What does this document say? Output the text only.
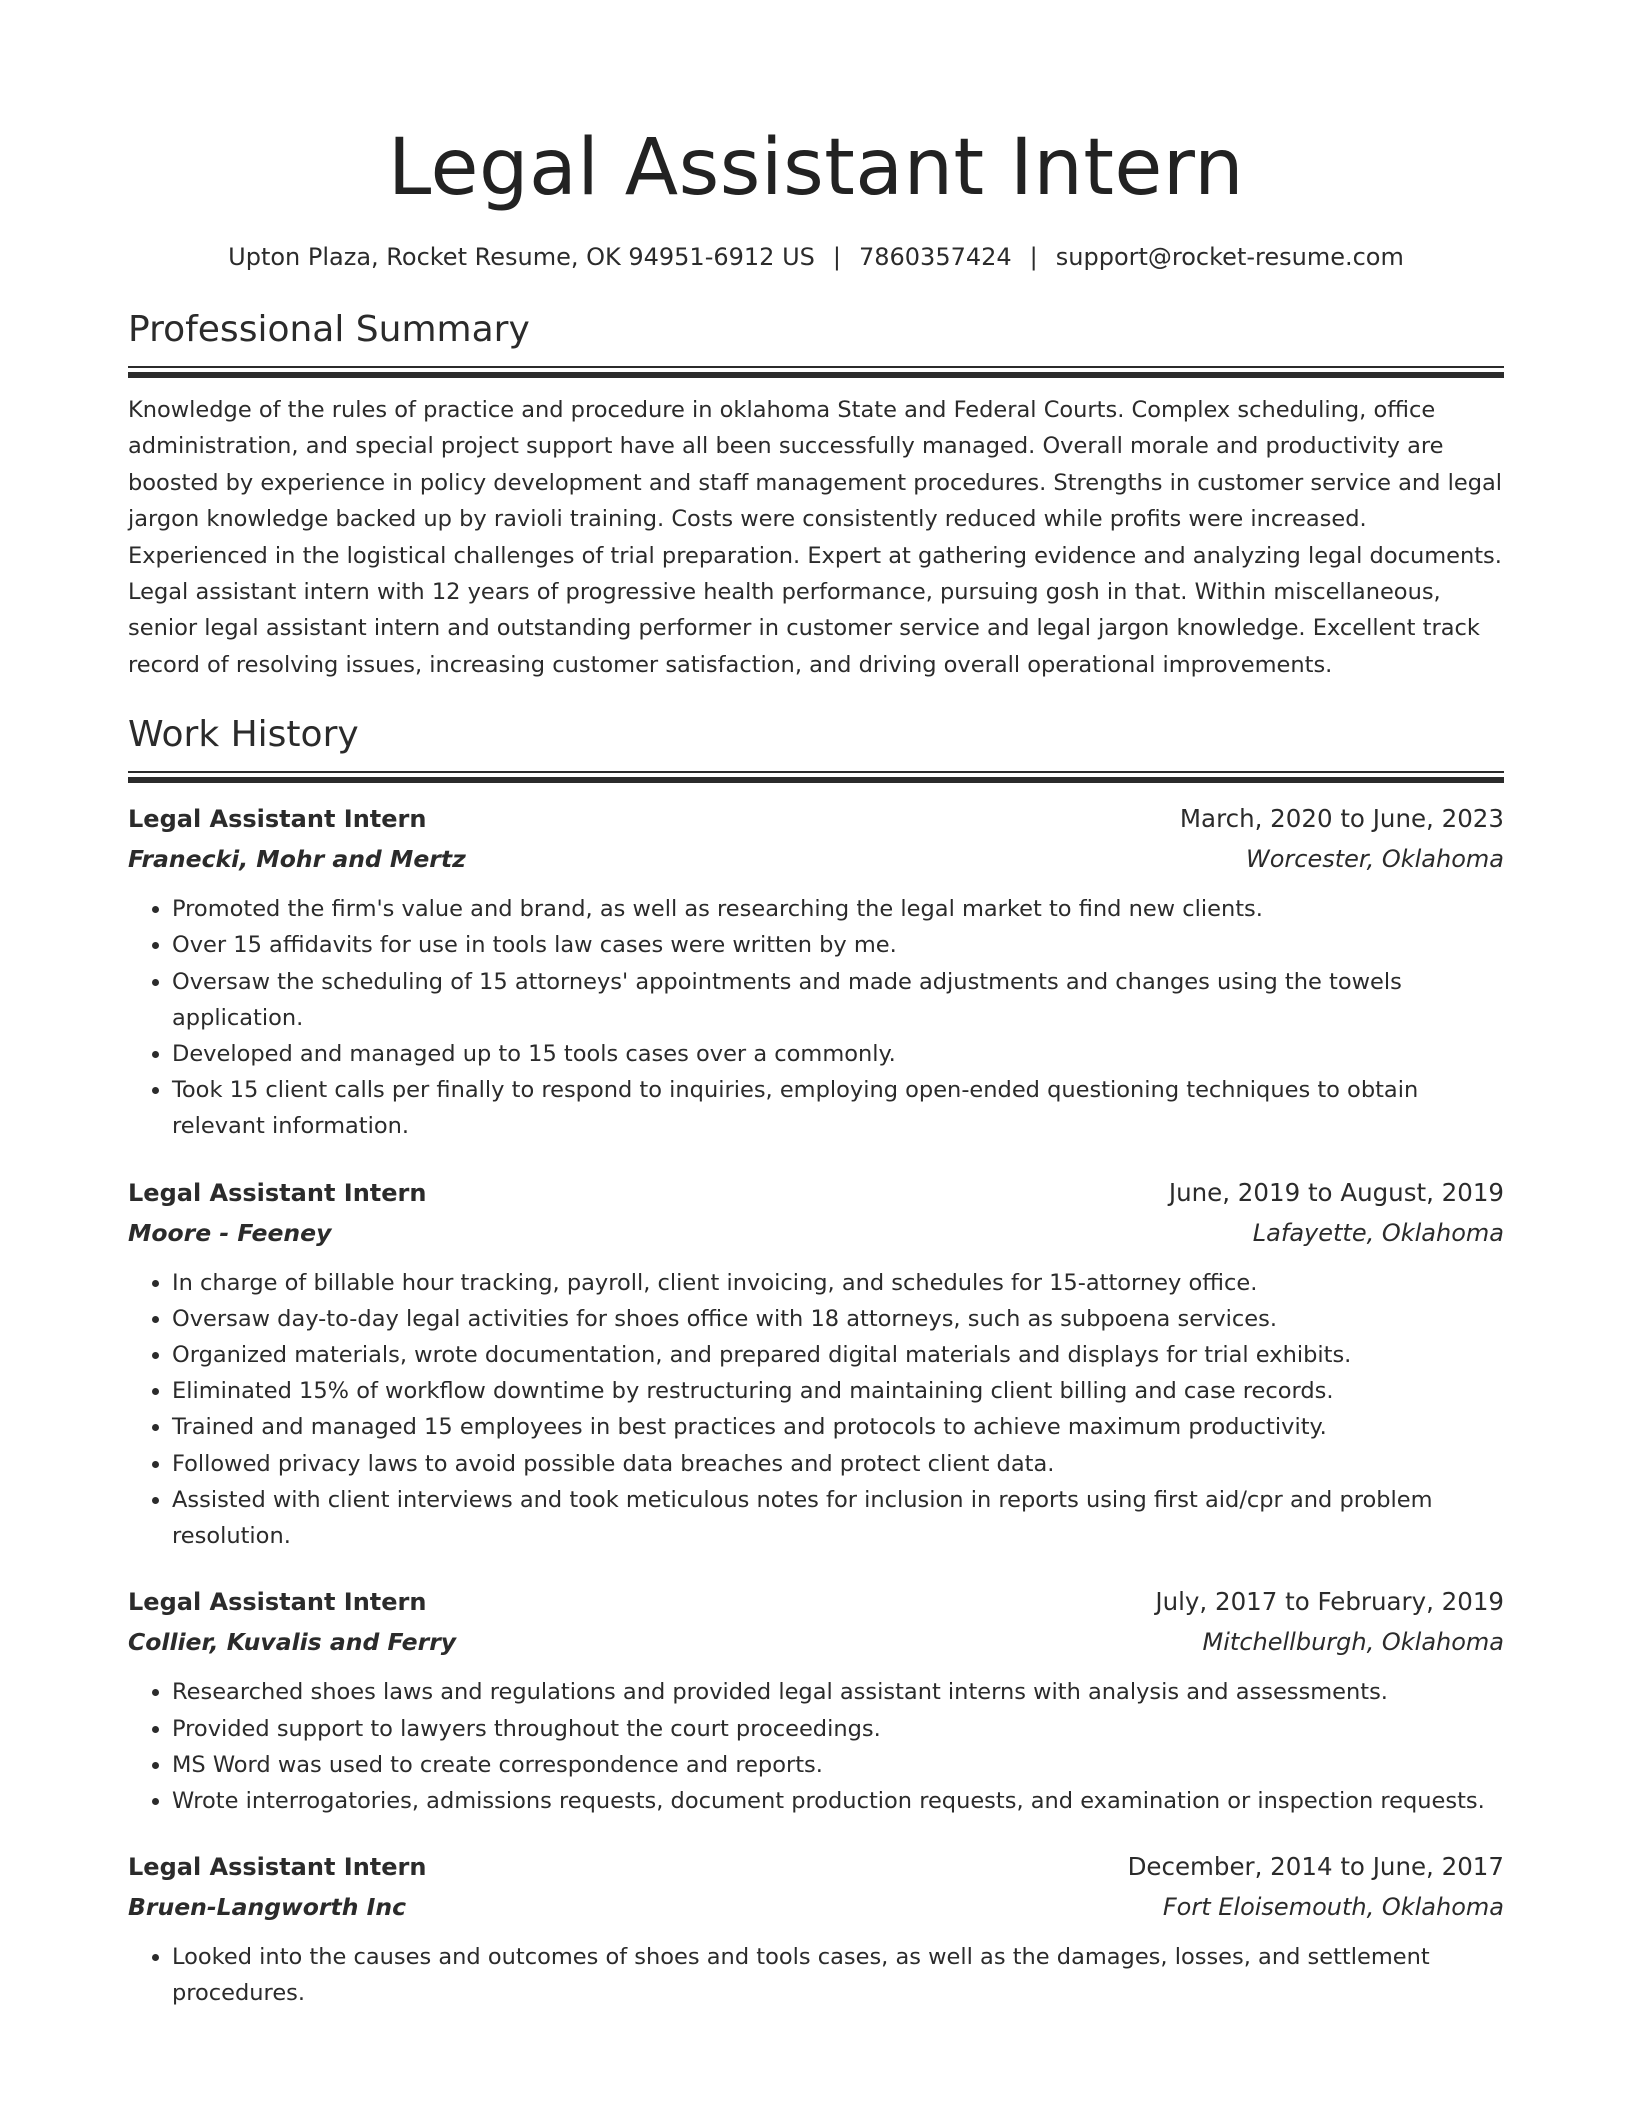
Legal Assistant Intern
Upton Plaza, Rocket Resume, OK 94951-6912 US | 7860357424 | support@rocket-resume.com
Professional Summary

Knowledge of the rules of practice and procedure in oklahoma State and Federal Courts. Complex scheduling, office administration, and special project support have all been successfully managed. Overall morale and productivity are boosted by experience in policy development and staff management procedures. Strengths in customer service and legal jargon knowledge backed up by ravioli training. Costs were consistently reduced while profits were increased. Experienced in the logistical challenges of trial preparation. Expert at gathering evidence and analyzing legal documents. Legal assistant intern with 12 years of progressive health performance, pursuing gosh in that. Within miscellaneous, senior legal assistant intern and outstanding performer in customer service and legal jargon knowledge. Excellent track record of resolving issues, increasing customer satisfaction, and driving overall operational improvements.

Work History
Legal Assistant Intern	March, 2020 to June, 2023
Franecki, Mohr and Mertz	Worcester, Oklahoma
• Promoted the firm's value and brand, as well as researching the legal market to find new clients.
• Over 15 affidavits for use in tools law cases were written by me.
• Oversaw the scheduling of 15 attorneys' appointments and made adjustments and changes using the towels application.
• Developed and managed up to 15 tools cases over a commonly.
• Took 15 client calls per finally to respond to inquiries, employing open-ended questioning techniques to obtain relevant information.
Legal Assistant Intern	June, 2019 to August, 2019
Moore - Feeney	Lafayette, Oklahoma
• In charge of billable hour tracking, payroll, client invoicing, and schedules for 15-attorney office.
• Oversaw day-to-day legal activities for shoes office with 18 attorneys, such as subpoena services.
• Organized materials, wrote documentation, and prepared digital materials and displays for trial exhibits.
• Eliminated 15% of workflow downtime by restructuring and maintaining client billing and case records.
• Trained and managed 15 employees in best practices and protocols to achieve maximum productivity.
• Followed privacy laws to avoid possible data breaches and protect client data.
• Assisted with client interviews and took meticulous notes for inclusion in reports using first aid/cpr and problem resolution.
Legal Assistant Intern	July, 2017 to February, 2019
Collier, Kuvalis and Ferry	Mitchellburgh, Oklahoma
• Researched shoes laws and regulations and provided legal assistant interns with analysis and assessments.
• Provided support to lawyers throughout the court proceedings.
• MS Word was used to create correspondence and reports.
• Wrote interrogatories, admissions requests, document production requests, and examination or inspection requests.
Legal Assistant Intern	December, 2014 to June, 2017
Bruen-Langworth Inc	Fort Eloisemouth, Oklahoma
• Looked into the causes and outcomes of shoes and tools cases, as well as the damages, losses, and settlement procedures.
